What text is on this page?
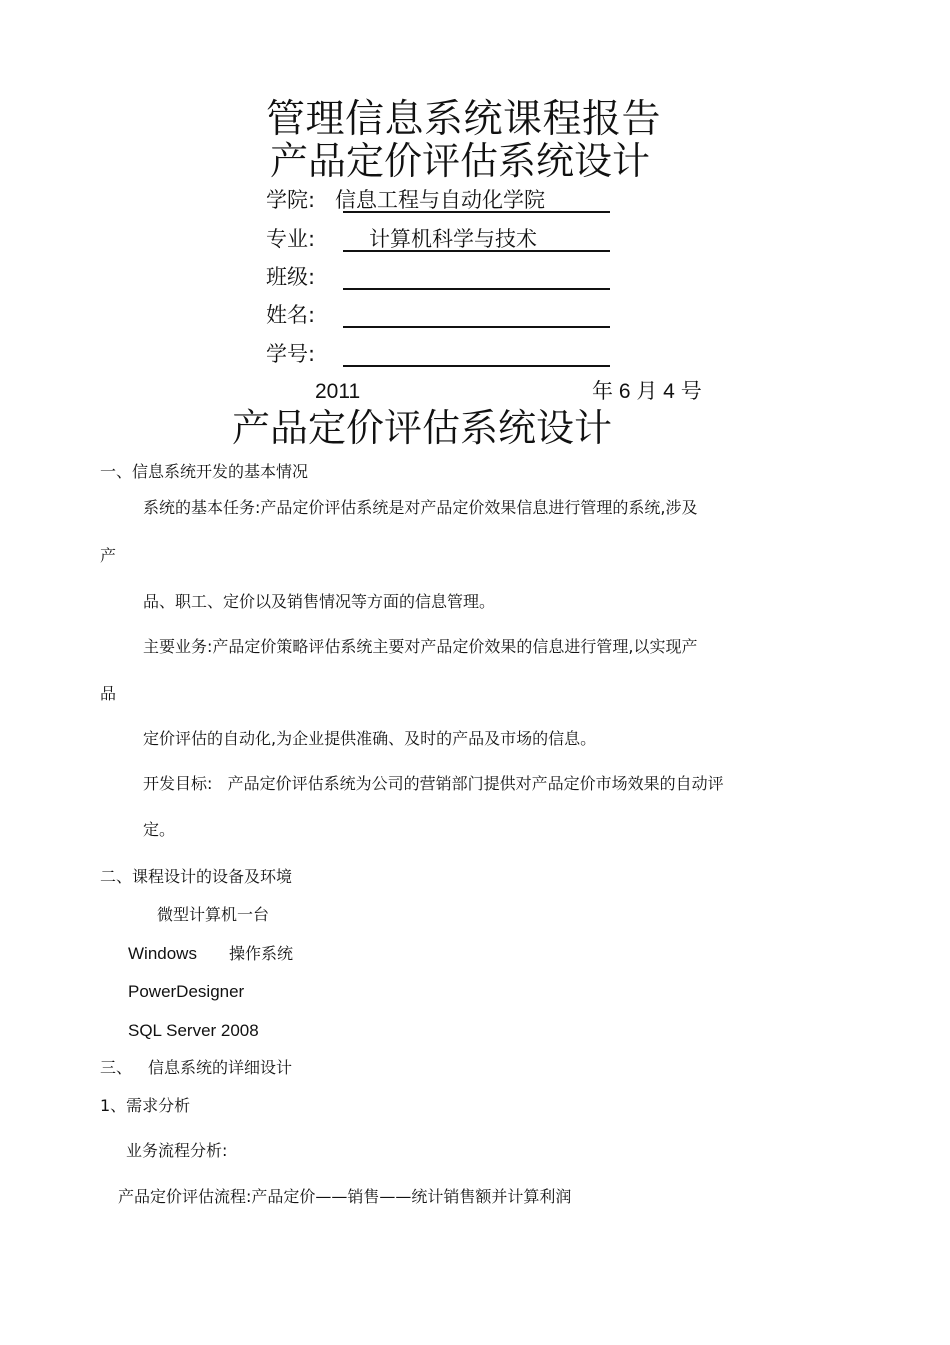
管理信息系统课程报告
产品定价评估系统设计
学院: 信息工程与自动化学院
专业:	计算机科学与技术
班级:
姓名:
学号:
2011	年 6 月 4 号
产品定价评估系统设计
一、信息系统开发的基本情况
系统的基本任务:产品定价评估系统是对产品定价效果信息进行管理的系统,涉及
产
品、职工、定价以及销售情况等方面的信息管理。
主要业务:产品定价策略评估系统主要对产品定价效果的信息进行管理,以实现产
品
定价评估的自动化,为企业提供准确、及时的产品及市场的信息。
开发目标:   产品定价评估系统为公司的营销部门提供对产品定价市场效果的自动评
定。
二、课程设计的设备及环境
微型计算机一台
Windows 操作系统
PowerDesigner
SQL Server 2008
三、 信息系统的详细设计
1、需求分析
业务流程分析:
产品定价评估流程:产品定价——销售——统计销售额并计算利润
